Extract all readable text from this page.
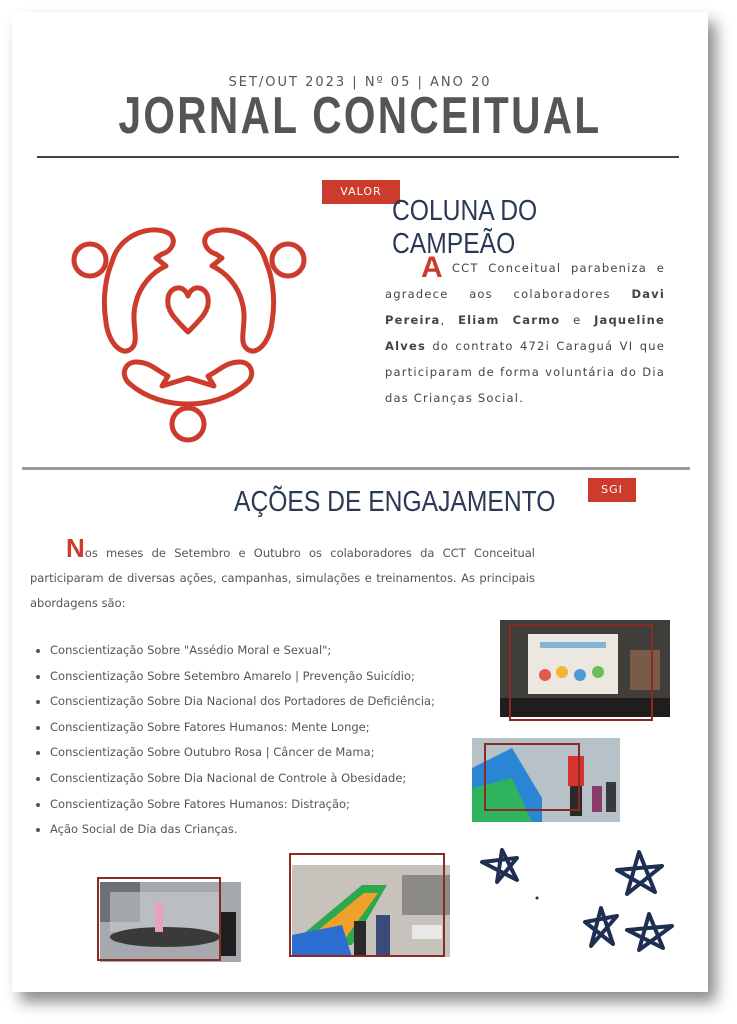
SET/OUT 2023 | Nº 05 | ANO 20
JORNAL CONCEITUAL
VALOR
COLUNA DO CAMPEÃO
A CCT Conceitual parabeniza e agradece aos colaboradores Davi Pereira, Eliam Carmo e Jaqueline Alves do contrato 472i Caraguá VI que participaram de forma voluntária do Dia das Crianças Social.
AÇÕES DE ENGAJAMENTO	SGI
Nos meses de Setembro e Outubro os colaboradores da CCT Conceitual participaram de diversas ações, campanhas, simulações e treinamentos. As principais abordagens são:
• Conscientização Sobre "Assédio Moral e Sexual";
• Conscientização Sobre Setembro Amarelo | Prevenção Suicídio;
• Conscientização Sobre Dia Nacional dos Portadores de Deficiência;
• Conscientização Sobre Fatores Humanos: Mente Longe;
• Conscientização Sobre Outubro Rosa | Câncer de Mama;
• Conscientização Sobre Dia Nacional de Controle à Obesidade;
• Conscientização Sobre Fatores Humanos: Distração;
• Ação Social de Dia das Crianças.
